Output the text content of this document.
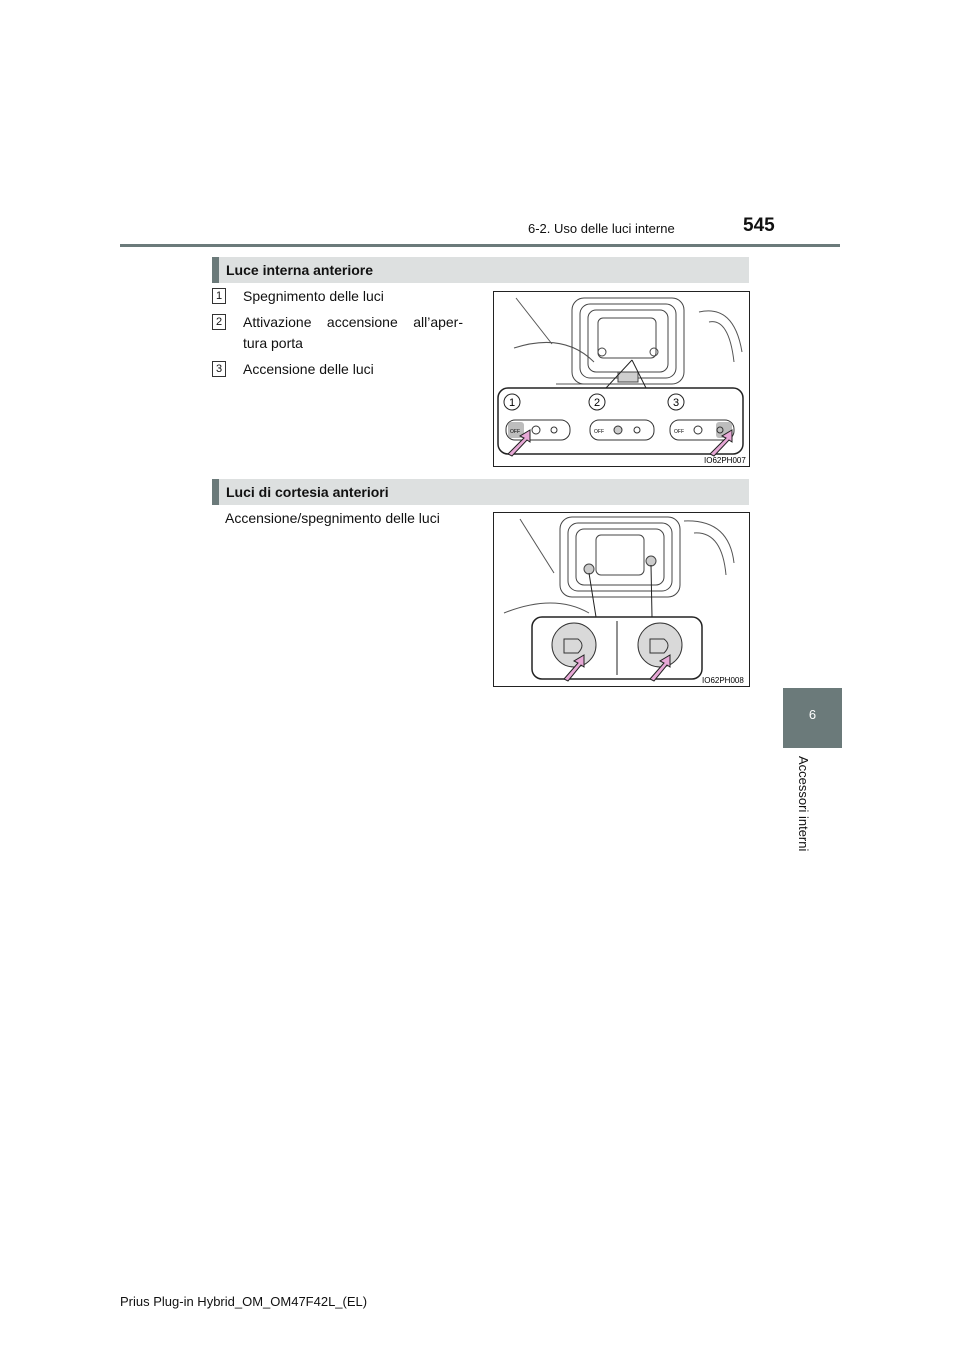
6-2. Uso delle luci interne	545
6
Accessori interni
Luce interna anteriore
1 Spegnimento delle luci
2 Attivazione accensione all’aper-
tura porta
3 Accensione delle luci
1	2	3
OFF	OFF	OFF
IO62PH007
Luci di cortesia anteriori
Accensione/spegnimento delle luci
IO62PH008
Prius Plug-in Hybrid_OM_OM47F42L_(EL)
